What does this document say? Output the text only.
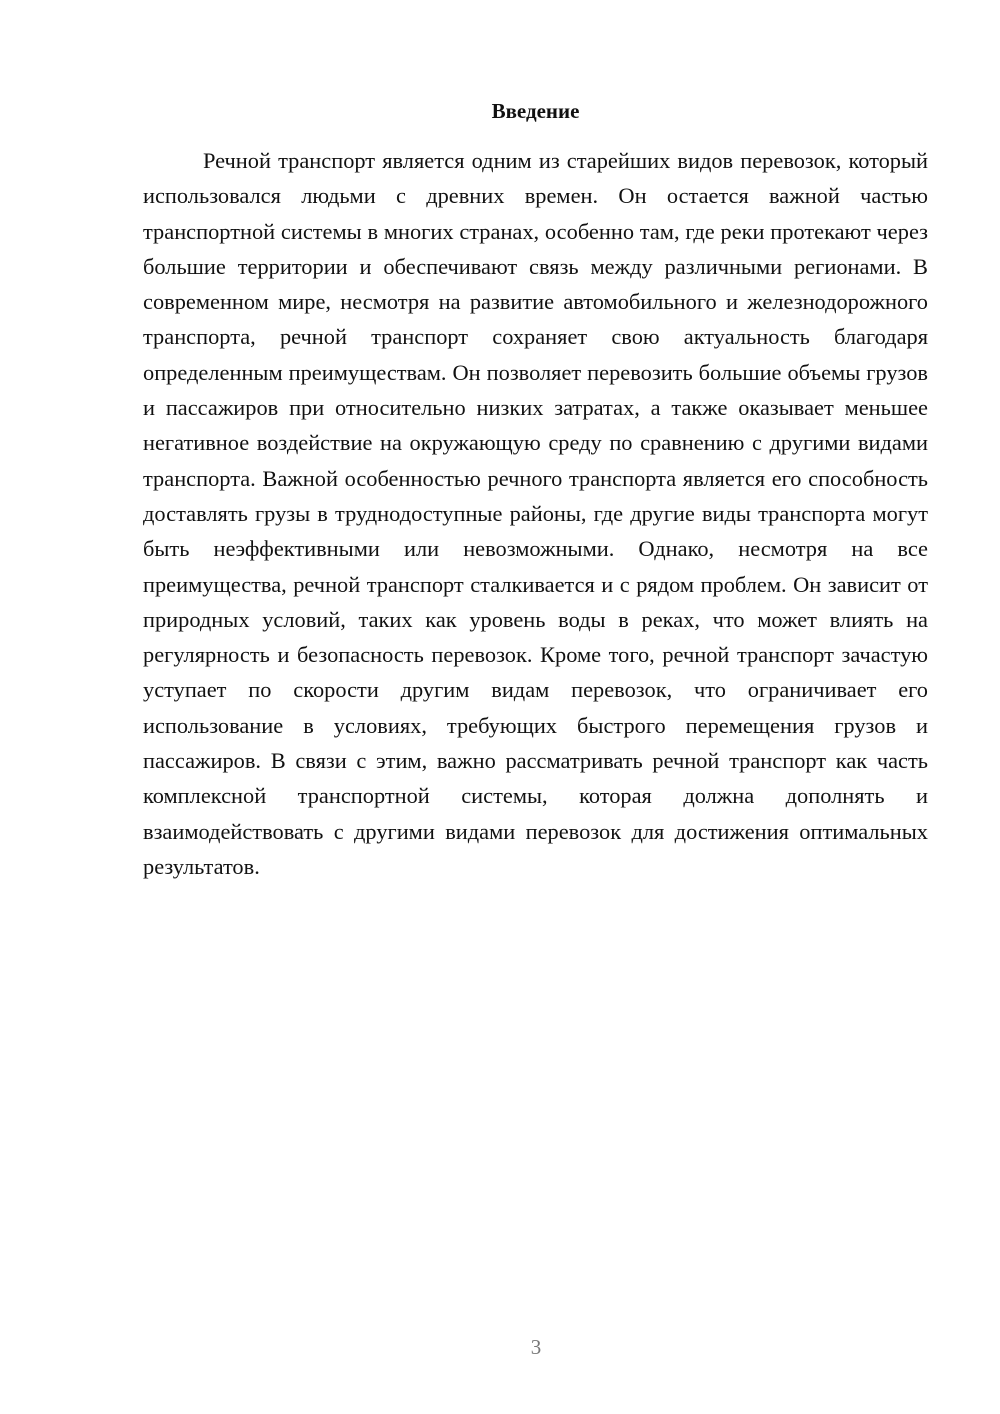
Введение

Речной транспорт является одним из старейших видов перевозок, который использовался людьми с древних времен. Он остается важной частью транспортной системы в многих странах, особенно там, где реки протекают через большие территории и обеспечивают связь между различными регионами. В современном мире, несмотря на развитие автомобильного и железнодорожного транспорта, речной транспорт сохраняет свою актуальность благодаря определенным преимуществам. Он позволяет перевозить большие объемы грузов и пассажиров при относительно низких затратах, а также оказывает меньшее негативное воздействие на окружающую среду по сравнению с другими видами транспорта. Важной особенностью речного транспорта является его способность доставлять грузы в труднодоступные районы, где другие виды транспорта могут быть неэффективными или невозможными. Однако, несмотря на все преимущества, речной транспорт сталкивается и с рядом проблем. Он зависит от природных условий, таких как уровень воды в реках, что может влиять на регулярность и безопасность перевозок. Кроме того, речной транспорт зачастую уступает по скорости другим видам перевозок, что ограничивает его использование в условиях, требующих быстрого перемещения грузов и пассажиров. В связи с этим, важно рассматривать речной транспорт как часть комплексной транспортной системы, которая должна дополнять и взаимодействовать с другими видами перевозок для достижения оптимальных результатов.

3
